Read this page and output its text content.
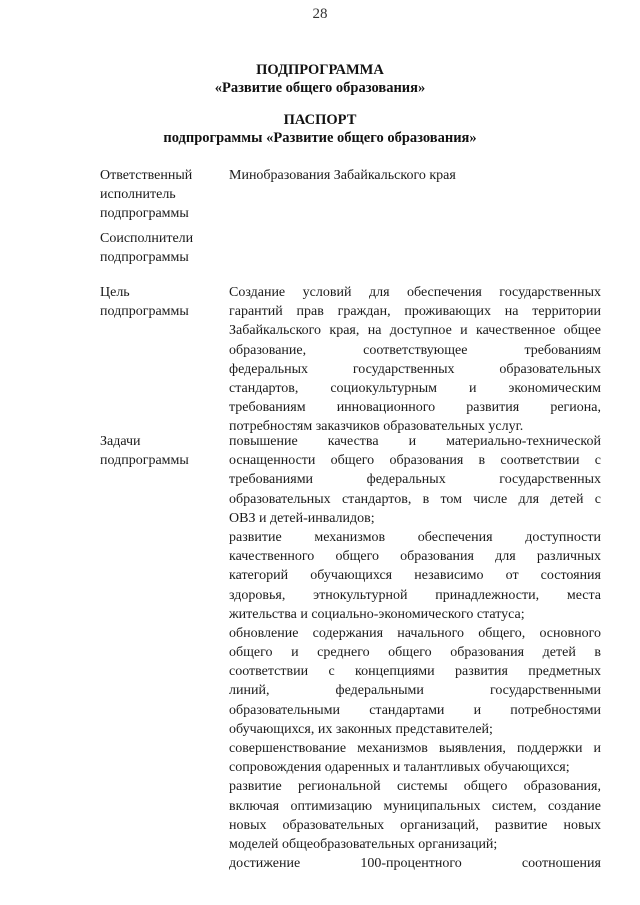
28
ПОДПРОГРАММА
«Развитие общего образования»
ПАСПОРТ
подпрограммы «Развитие общего образования»
Ответственный
исполнитель
подпрограммы
Минобразования Забайкальского края
Соисполнители
подпрограммы
Цель
подпрограммы
Создание условий для обеспечения государственных
гарантий прав граждан, проживающих на территории
Забайкальского края, на доступное и качественное общее
образование, соответствующее требованиям
федеральных государственных образовательных
стандартов, социокультурным и экономическим
требованиям инновационного развития региона,
потребностям заказчиков образовательных услуг.
Задачи
подпрограммы
повышение качества и материально-технической
оснащенности общего образования в соответствии с
требованиями федеральных государственных
образовательных стандартов, в том числе для детей с
ОВЗ и детей-инвалидов;
развитие механизмов обеспечения доступности
качественного общего образования для различных
категорий обучающихся независимо от состояния
здоровья, этнокультурной принадлежности, места
жительства и социально-экономического статуса;
обновление содержания начального общего, основного
общего и среднего общего образования детей в
соответствии с концепциями развития предметных
линий, федеральными государственными
образовательными стандартами и потребностями
обучающихся, их законных представителей;
совершенствование механизмов выявления, поддержки и
сопровождения одаренных и талантливых обучающихся;
развитие региональной системы общего образования,
включая оптимизацию муниципальных систем, создание
новых образовательных организаций, развитие новых
моделей общеобразовательных организаций;
достижение 100-процентного соотношения
